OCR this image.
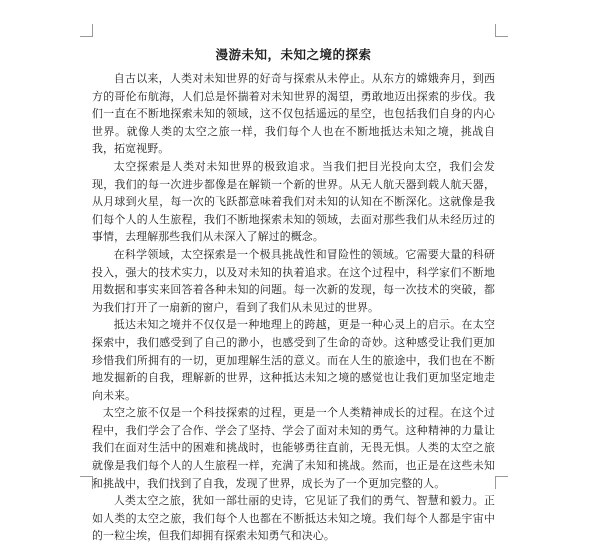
漫游未知，未知之境的探索

自古以来，人类对未知世界的好奇与探索从未停止。从东方的嫦娥奔月，到西方的哥伦布航海，人们总是怀揣着对未知世界的渴望，勇敢地迈出探索的步伐。我们一直在不断地探索未知的领域，这不仅包括遥远的星空，也包括我们自身的内心世界。就像人类的太空之旅一样，我们每个人也在不断地抵达未知之境，挑战自我，拓宽视野。

太空探索是人类对未知世界的极致追求。当我们把目光投向太空，我们会发现，我们的每一次进步都像是在解锁一个新的世界。从无人航天器到载人航天器，从月球到火星，每一次的飞跃都意味着我们对未知的认知在不断深化。这就像是我们每个人的人生旅程，我们不断地探索未知的领域，去面对那些我们从未经历过的事情，去理解那些我们从未深入了解过的概念。

在科学领域，太空探索是一个极具挑战性和冒险性的领域。它需要大量的科研投入，强大的技术实力，以及对未知的执着追求。在这个过程中，科学家们不断地用数据和事实来回答着各种未知的问题。每一次新的发现，每一次技术的突破，都为我们打开了一扇新的窗户，看到了我们从未见过的世界。

抵达未知之境并不仅仅是一种地理上的跨越，更是一种心灵上的启示。在太空探索中，我们感受到了自己的渺小，也感受到了生命的奇妙。这种感受让我们更加珍惜我们所拥有的一切，更加理解生活的意义。而在人生的旅途中，我们也在不断地发掘新的自我，理解新的世界，这种抵达未知之境的感觉也让我们更加坚定地走向未来。

太空之旅不仅是一个科技探索的过程，更是一个人类精神成长的过程。在这个过程中，我们学会了合作、学会了坚持、学会了面对未知的勇气。这种精神的力量让我们在面对生活中的困难和挑战时，也能够勇往直前，无畏无惧。人类的太空之旅就像是我们每个人的人生旅程一样，充满了未知和挑战。然而，也正是在这些未知和挑战中，我们找到了自我，发现了世界，成长为了一个更加完整的人。

人类太空之旅，犹如一部壮丽的史诗，它见证了我们的勇气、智慧和毅力。正如人类的太空之旅，我们每个人也都在不断抵达未知之境。我们每个人都是宇宙中的一粒尘埃，但我们却拥有探索未知勇气和决心。
